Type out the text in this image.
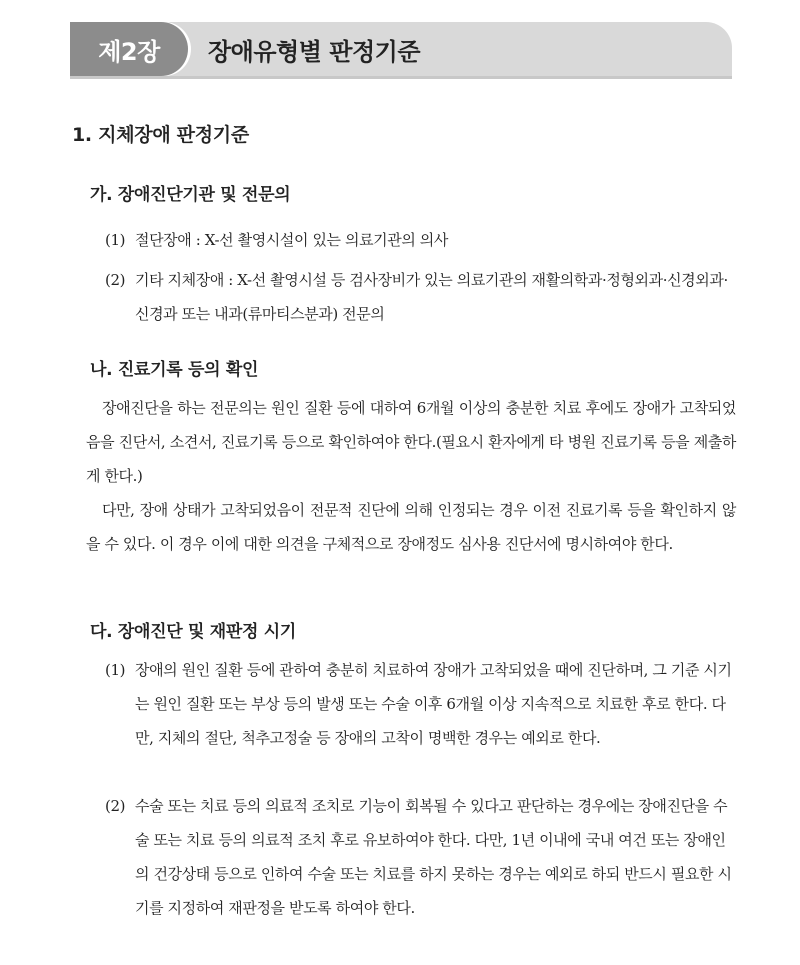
제2장	장애유형별 판정기준
1. 지체장애 판정기준
가. 장애진단기관 및 전문의
(1) 절단장애 : X-선 촬영시설이 있는 의료기관의 의사
(2) 기타 지체장애 : X-선 촬영시설 등 검사장비가 있는 의료기관의 재활의학과·정형외과·신경외과·신경과 또는 내과(류마티스분과) 전문의
나. 진료기록 등의 확인
장애진단을 하는 전문의는 원인 질환 등에 대하여 6개월 이상의 충분한 치료 후에도 장애가 고착되었음을 진단서, 소견서, 진료기록 등으로 확인하여야 한다.(필요시 환자에게 타 병원 진료기록 등을 제출하게 한다.)
다만, 장애 상태가 고착되었음이 전문적 진단에 의해 인정되는 경우 이전 진료기록 등을 확인하지 않을 수 있다. 이 경우 이에 대한 의견을 구체적으로 장애정도 심사용 진단서에 명시하여야 한다.
다. 장애진단 및 재판정 시기
(1) 장애의 원인 질환 등에 관하여 충분히 치료하여 장애가 고착되었을 때에 진단하며, 그 기준 시기는 원인 질환 또는 부상 등의 발생 또는 수술 이후 6개월 이상 지속적으로 치료한 후로 한다. 다만, 지체의 절단, 척추고정술 등 장애의 고착이 명백한 경우는 예외로 한다.
(2) 수술 또는 치료 등의 의료적 조치로 기능이 회복될 수 있다고 판단하는 경우에는 장애진단을 수술 또는 치료 등의 의료적 조치 후로 유보하여야 한다. 다만, 1년 이내에 국내 여건 또는 장애인의 건강상태 등으로 인하여 수술 또는 치료를 하지 못하는 경우는 예외로 하되 반드시 필요한 시기를 지정하여 재판정을 받도록 하여야 한다.
